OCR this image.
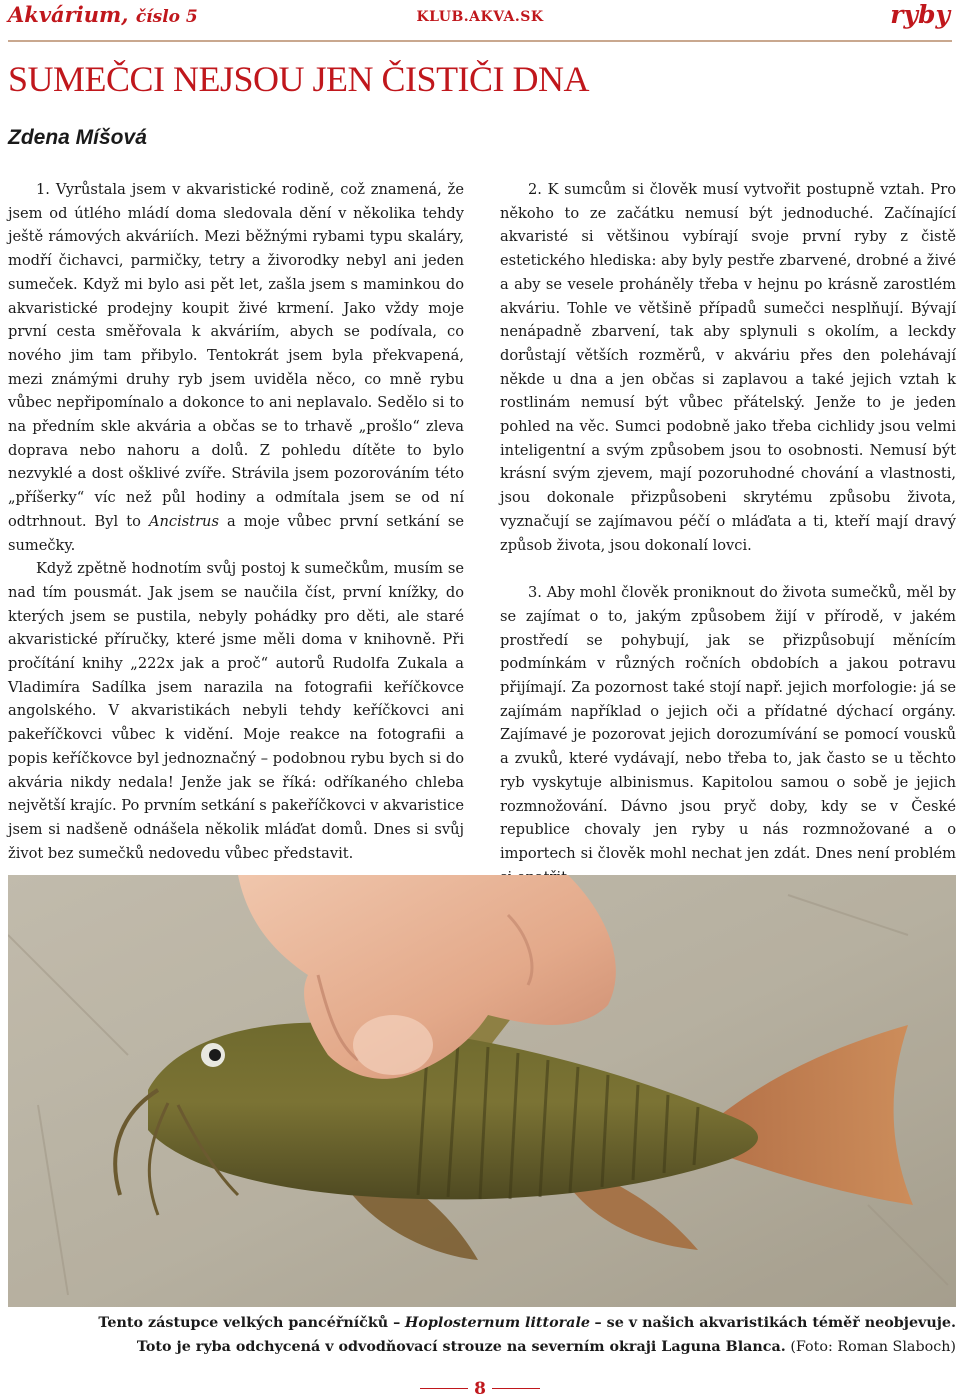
Akvárium, číslo 5	KLUB.AKVA.SK	ryby
SUMEČCI NEJSOU JEN ČISTIČI DNA
Zdena Míšová

1. Vyrůstala jsem v akvaristické rodině, což znamená, že jsem od útlého mládí doma sledovala dění v několika tehdy ještě rámových akváriích. Mezi běžnými rybami typu skaláry, modří čichavci, parmičky, tetry a živorodky nebyl ani jeden sumeček. Když mi bylo asi pět let, zašla jsem s maminkou do akvaristické prodejny koupit živé krmení. Jako vždy moje první cesta směřovala k akváriím, abych se podívala, co nového jim tam přibylo. Tentokrát jsem byla překvapená, mezi známými druhy ryb jsem uviděla něco, co mně rybu vůbec nepřipomínalo a dokonce to ani neplavalo. Sedělo si to na předním skle akvária a občas se to trhavě „prošlo“ zleva doprava nebo nahoru a dolů. Z pohledu dítěte to bylo nezvyklé a dost ošklivé zvíře. Strávila jsem pozorováním této „příšerky“ víc než půl hodiny a odmítala jsem se od ní odtrhnout. Byl to Ancistrus a moje vůbec první setkání se sumečky.

Když zpětně hodnotím svůj postoj k sumečkům, musím se nad tím pousmát. Jak jsem se naučila číst, první knížky, do kterých jsem se pustila, nebyly pohádky pro děti, ale staré akvaristické příručky, které jsme měli doma v knihovně. Při pročítání knihy „222x jak a proč“ autorů Rudolfa Zukala a Vladimíra Sadílka jsem narazila na fotografii keříčkovce angolského. V akvaristikách nebyli tehdy keříčkovci ani pakeříčkovci vůbec k vidění. Moje reakce na fotografii a popis keříčkovce byl jednoznačný – podobnou rybu bych si do akvária nikdy nedala! Jenže jak se říká: odříkaného chleba největší krajíc. Po prvním setkání s pakeříčkovci v akvaristice jsem si nadšeně odnášela několik mláďat domů. Dnes si svůj život bez sumečků nedovedu vůbec představit.

2. K sumcům si člověk musí vytvořit postupně vztah. Pro někoho to ze začátku nemusí být jednoduché. Začínající akvaristé si většinou vybírají svoje první ryby z čistě estetického hlediska: aby byly pestře zbarvené, drobné a živé a aby se vesele proháněly třeba v hejnu po krásně zarostlém akváriu. Tohle ve většině případů sumečci nesplňují. Bývají nenápadně zbarvení, tak aby splynuli s okolím, a leckdy dorůstají větších rozměrů, v akváriu přes den polehávají někde u dna a jen občas si zaplavou a také jejich vztah k rostlinám nemusí být vůbec přátelský. Jenže to je jeden pohled na věc. Sumci podobně jako třeba cichlidy jsou velmi inteligentní a svým způsobem jsou to osobnosti. Nemusí být krásní svým zjevem, mají pozoruhodné chování a vlastnosti, jsou dokonale přizpůsobeni skrytému způsobu života, vyznačují se zajímavou péčí o mláďata a ti, kteří mají dravý způsob života, jsou dokonalí lovci.

3. Aby mohl člověk proniknout do života sumečků, měl by se zajímat o to, jakým způsobem žijí v přírodě, v jakém prostředí se pohybují, jak se přizpůsobují měnícím podmínkám v různých ročních obdobích a jakou potravu přijímají. Za pozornost také stojí např. jejich morfologie: já se zajímám například o jejich oči a přídatné dýchací orgány. Zajímavé je pozorovat jejich dorozumívání se pomocí vousků a zvuků, které vydávají, nebo třeba to, jak často se u těchto ryb vyskytuje albinismus. Kapitolou samou o sobě je jejich rozmnožování. Dávno jsou pryč doby, kdy se v České republice chovaly jen ryby u nás rozmnožované a o importech si člověk mohl nechat jen zdát. Dnes není problém

Tento zástupce velkých pancéřníčků – Hoplosternum littorale – se v našich akvaristikách téměř neobjevuje.
Toto je ryba odchycená v odvodňovací strouze na severním okraji Laguna Blanca. (Foto: Roman Slaboch)
8
